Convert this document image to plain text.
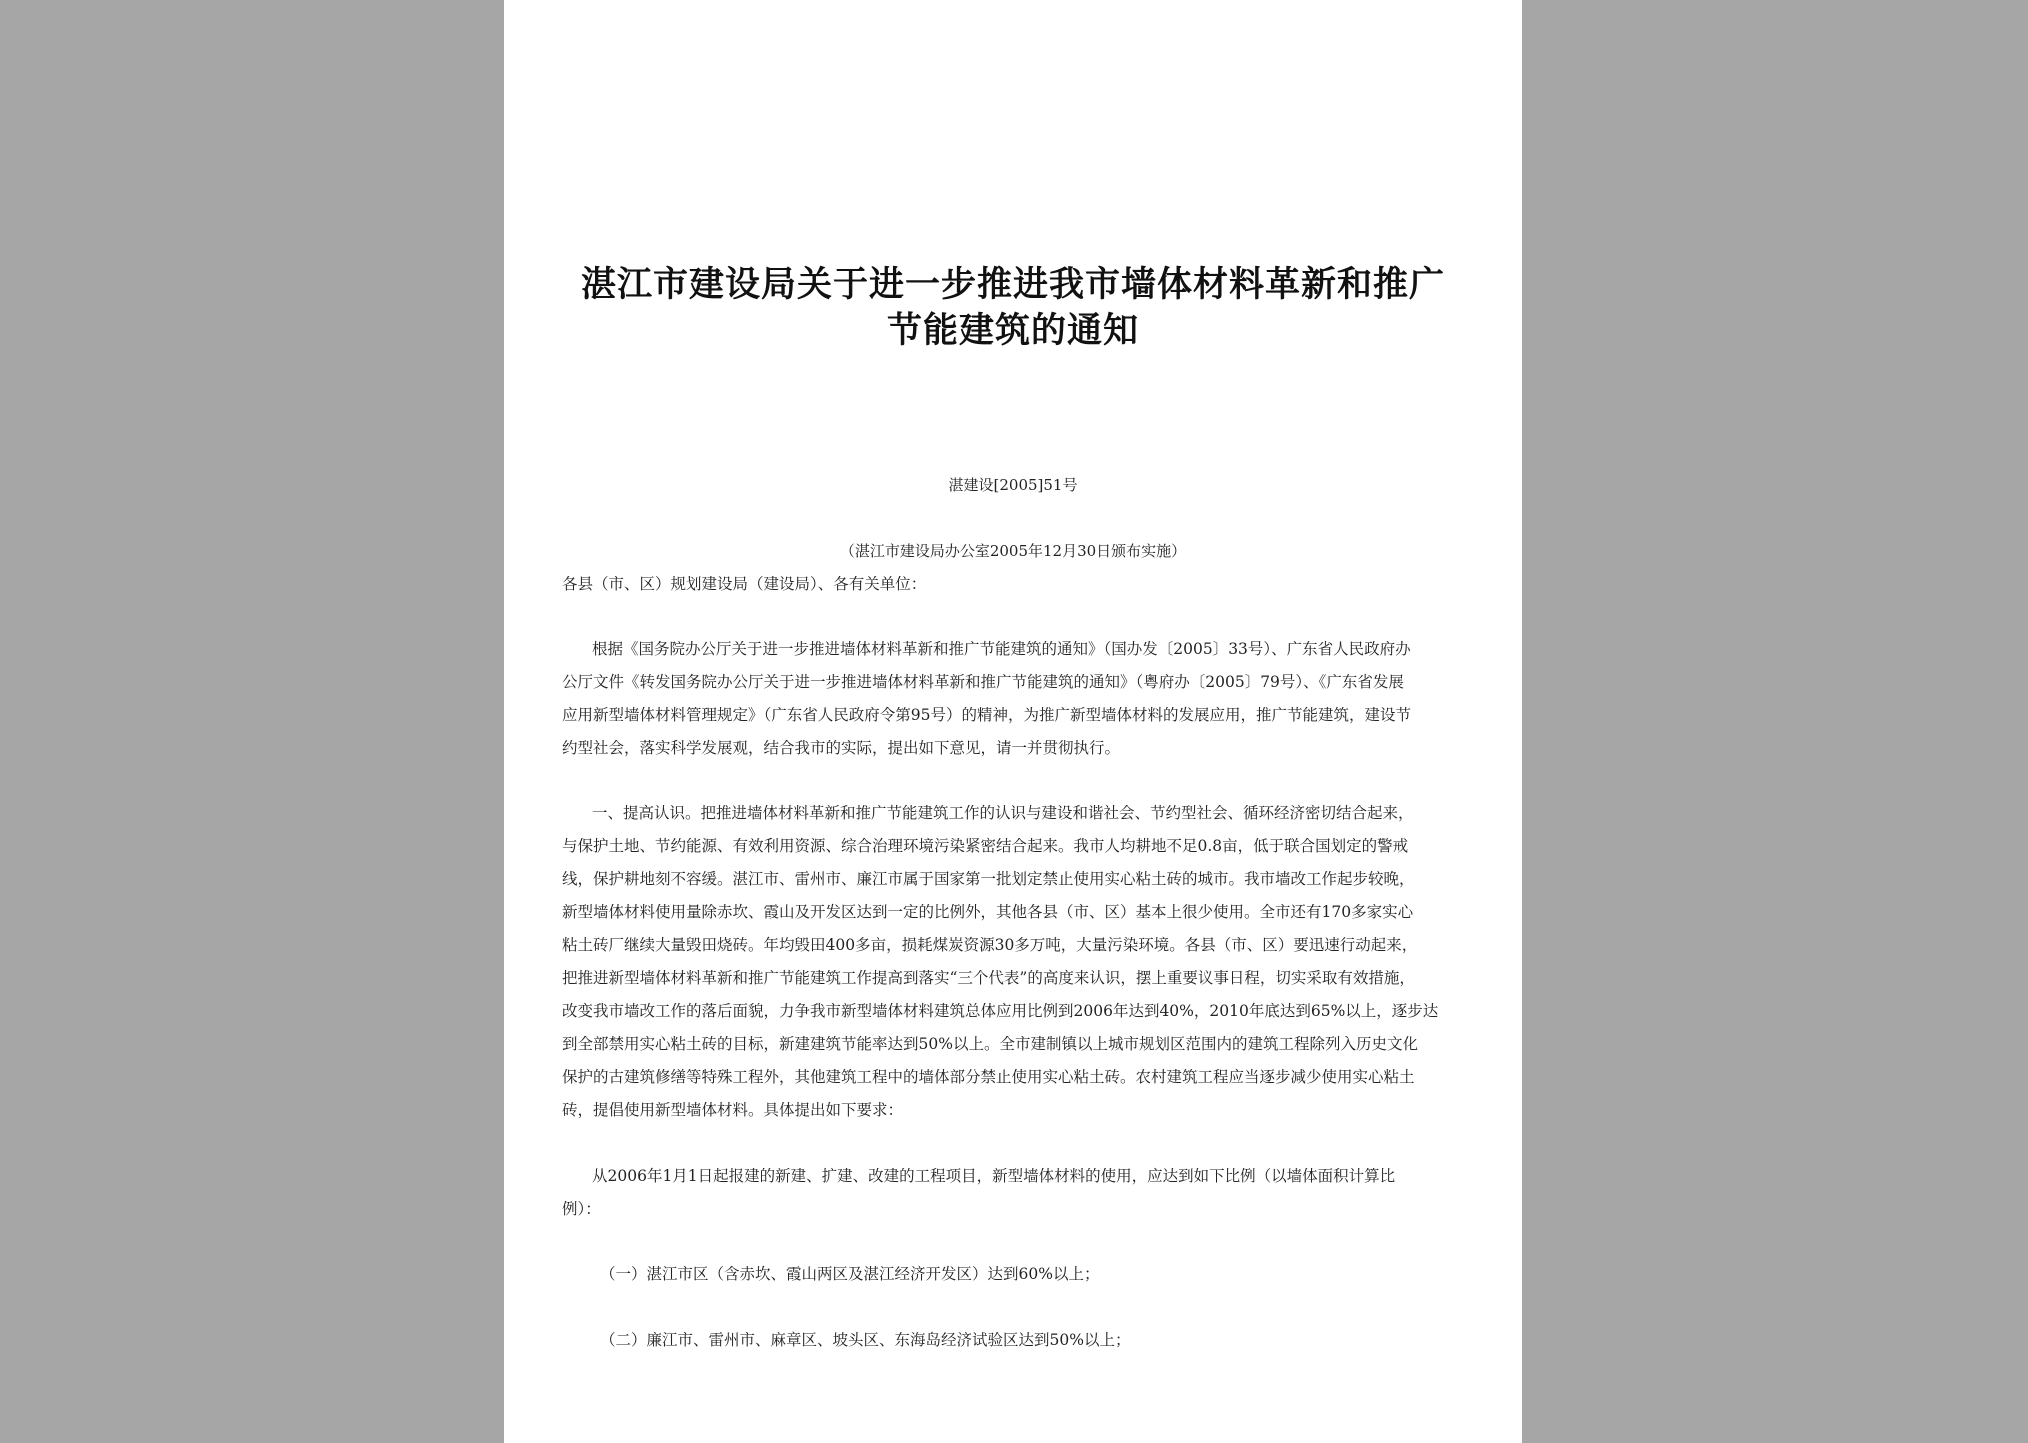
湛江市建设局关于进一步推进我市墙体材料革新和推广
节能建筑的通知
湛建设[2005]51号
（湛江市建设局办公室2005年12月30日颁布实施）
各县（市、区）规划建设局（建设局）、各有关单位：
根据《国务院办公厅关于进一步推进墙体材料革新和推广节能建筑的通知》（国办发〔2005〕33号）、广东省人民政府办
公厅文件《转发国务院办公厅关于进一步推进墙体材料革新和推广节能建筑的通知》（粤府办〔2005〕79号）、《广东省发展
应用新型墙体材料管理规定》（广东省人民政府令第95号）的精神，为推广新型墙体材料的发展应用，推广节能建筑，建设节
约型社会，落实科学发展观，结合我市的实际，提出如下意见，请一并贯彻执行。
一、提高认识。把推进墙体材料革新和推广节能建筑工作的认识与建设和谐社会、节约型社会、循环经济密切结合起来，
与保护土地、节约能源、有效利用资源、综合治理环境污染紧密结合起来。我市人均耕地不足0.8亩，低于联合国划定的警戒
线，保护耕地刻不容缓。湛江市、雷州市、廉江市属于国家第一批划定禁止使用实心粘土砖的城市。我市墙改工作起步较晚，
新型墙体材料使用量除赤坎、霞山及开发区达到一定的比例外，其他各县（市、区）基本上很少使用。全市还有170多家实心
粘土砖厂继续大量毁田烧砖。年均毁田400多亩，损耗煤炭资源30多万吨，大量污染环境。各县（市、区）要迅速行动起来，
把推进新型墙体材料革新和推广节能建筑工作提高到落实“三个代表”的高度来认识，摆上重要议事日程，切实采取有效措施，
改变我市墙改工作的落后面貌，力争我市新型墙体材料建筑总体应用比例到2006年达到40%，2010年底达到65%以上，逐步达
到全部禁用实心粘土砖的目标，新建建筑节能率达到50%以上。全市建制镇以上城市规划区范围内的建筑工程除列入历史文化
保护的古建筑修缮等特殊工程外，其他建筑工程中的墙体部分禁止使用实心粘土砖。农村建筑工程应当逐步减少使用实心粘土
砖，提倡使用新型墙体材料。具体提出如下要求：
从2006年1月1日起报建的新建、扩建、改建的工程项目，新型墙体材料的使用，应达到如下比例（以墙体面积计算比
例）：
（一）湛江市区（含赤坎、霞山两区及湛江经济开发区）达到60%以上；
（二）廉江市、雷州市、麻章区、坡头区、东海岛经济试验区达到50%以上；
